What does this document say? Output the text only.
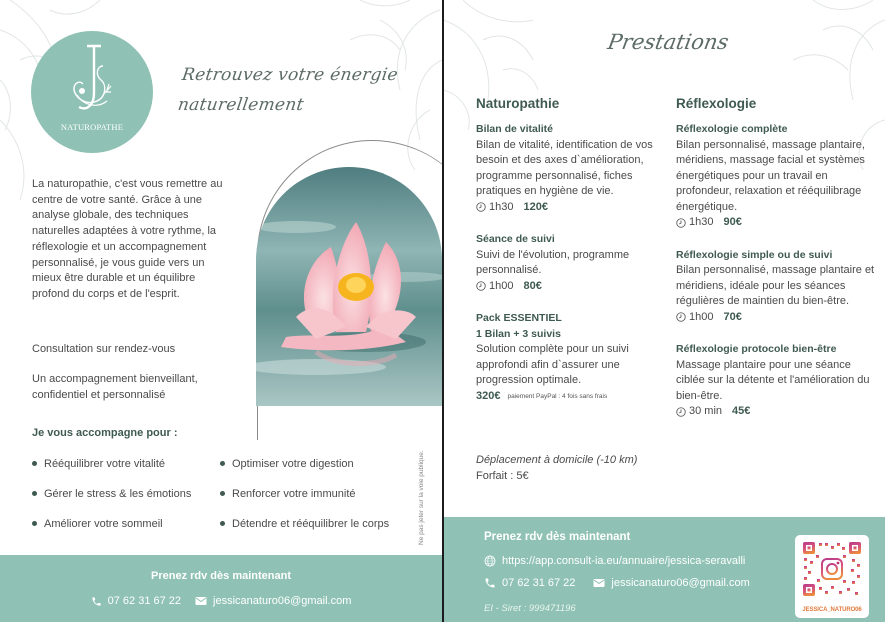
NATUROPATHE
Retrouvez votre énergie
naturellement

La naturopathie, c'est vous remettre au centre de votre santé. Grâce à une analyse globale, des techniques naturelles adaptées à votre rythme, la réflexologie et un accompagnement personnalisé, je vous guide vers un mieux être durable et un équilibre profond du corps et de l'esprit.

Consultation sur rendez-vous

Un accompagnement bienveillant, confidentiel et personnalisé

Je vous accompagne pour :
Rééquilibrer votre vitalité	Optimiser votre digestion
Gérer le stress & les émotions	Renforcer votre immunité
Améliorer votre sommeil	Détendre et rééquilibrer le corps	Ne pas jeter sur la voie publique.
Prenez rdv dès maintenant
07 62 31 67 22	jessicanaturo06@gmail.com
Prestations
Naturopathie
Bilan de vitalité
Bilan de vitalité, identification de vos besoin et des axes d`amélioration, programme personnalisé, fiches pratiques en hygiène de vie.
1h30 120€
Séance de suivi
Suivi de l'évolution, programme personnalisé.
1h00 80€
Pack ESSENTIEL
1 Bilan + 3 suivis
Solution complète pour un suivi approfondi afin d`assurer une progression optimale.
320€ paiement PayPal : 4 fois sans frais
Réflexologie
Réflexologie complète
Bilan personnalisé, massage plantaire, méridiens, massage facial et systèmes énergétiques pour un travail en profondeur, relaxation et rééquilibrage énergétique.
1h30 90€
Réflexologie simple ou de suivi
Bilan personnalisé, massage plantaire et méridiens, idéale pour les séances régulières de maintien du bien-être.
1h00 70€
Réflexologie protocole bien-être
Massage plantaire pour une séance ciblée sur la détente et l'amélioration du bien-être.
30 min 45€
Déplacement à domicile (-10 km)
Forfait : 5€
Prenez rdv dès maintenant
https://app.consult-ia.eu/annuaire/jessica-seravalli
07 62 31 67 22	jessicanaturo06@gmail.com
EI - Siret : 999471196	JESSICA_NATURO06
